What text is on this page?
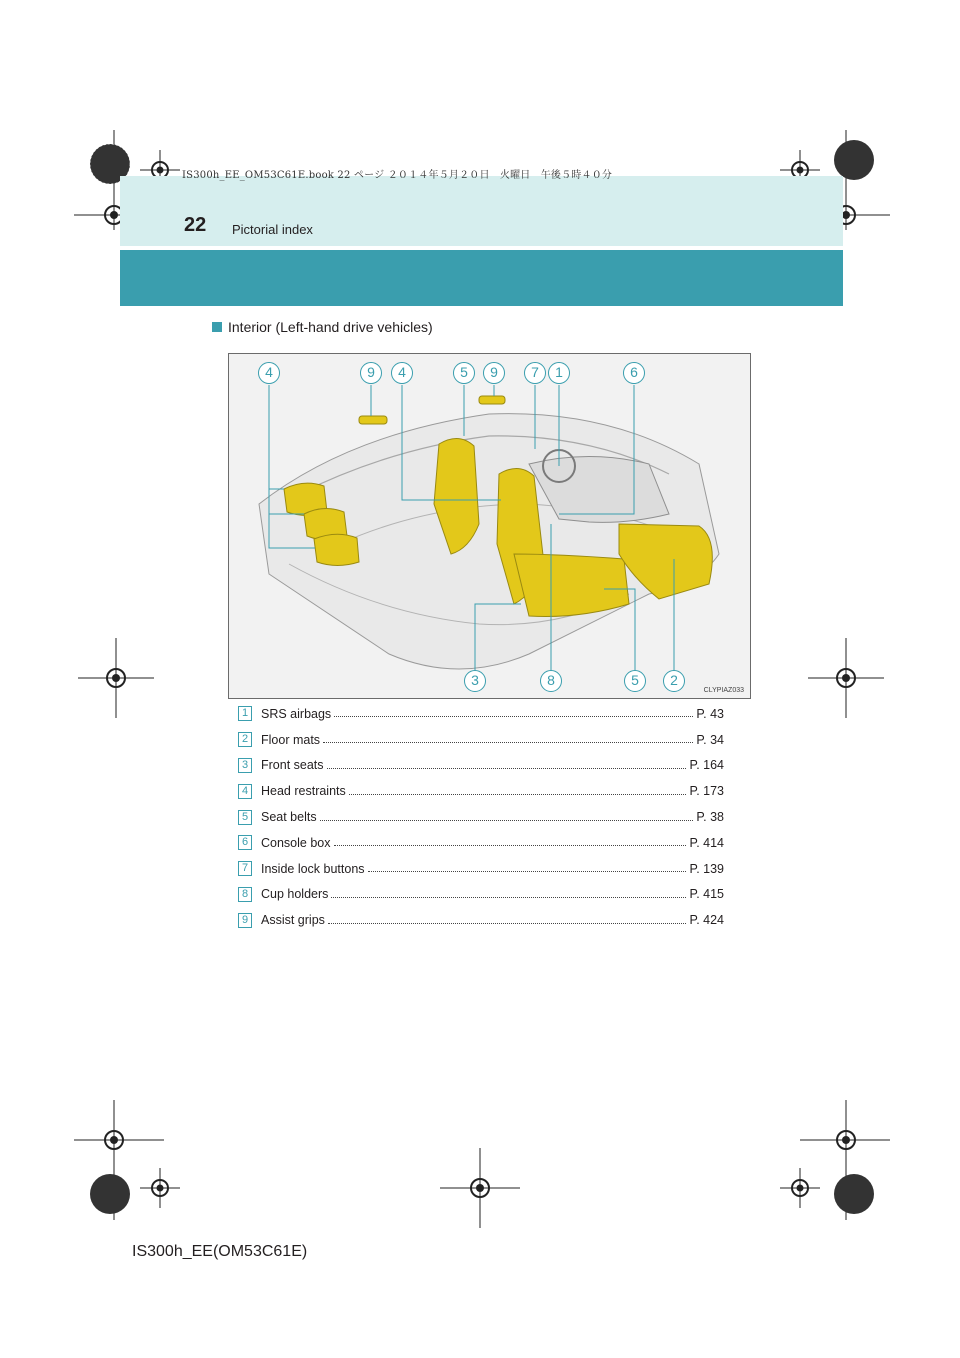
IS300h_EE_OM53C61E.book 22 ページ ２０１４年５月２０日　火曜日　午後５時４０分
22 Pictorial index
Interior (Left-hand drive vehicles)
4	9	4	5	9	7	1	6
3	8	5	2
CLYPIAZ033
1	SRS airbags	P. 43
2	Floor mats	P. 34
3	Front seats	P. 164
4	Head restraints	P. 173
5	Seat belts	P. 38
6	Console box	P. 414
7	Inside lock buttons	P. 139
8	Cup holders	P. 415
9	Assist grips	P. 424
IS300h_EE(OM53C61E)
